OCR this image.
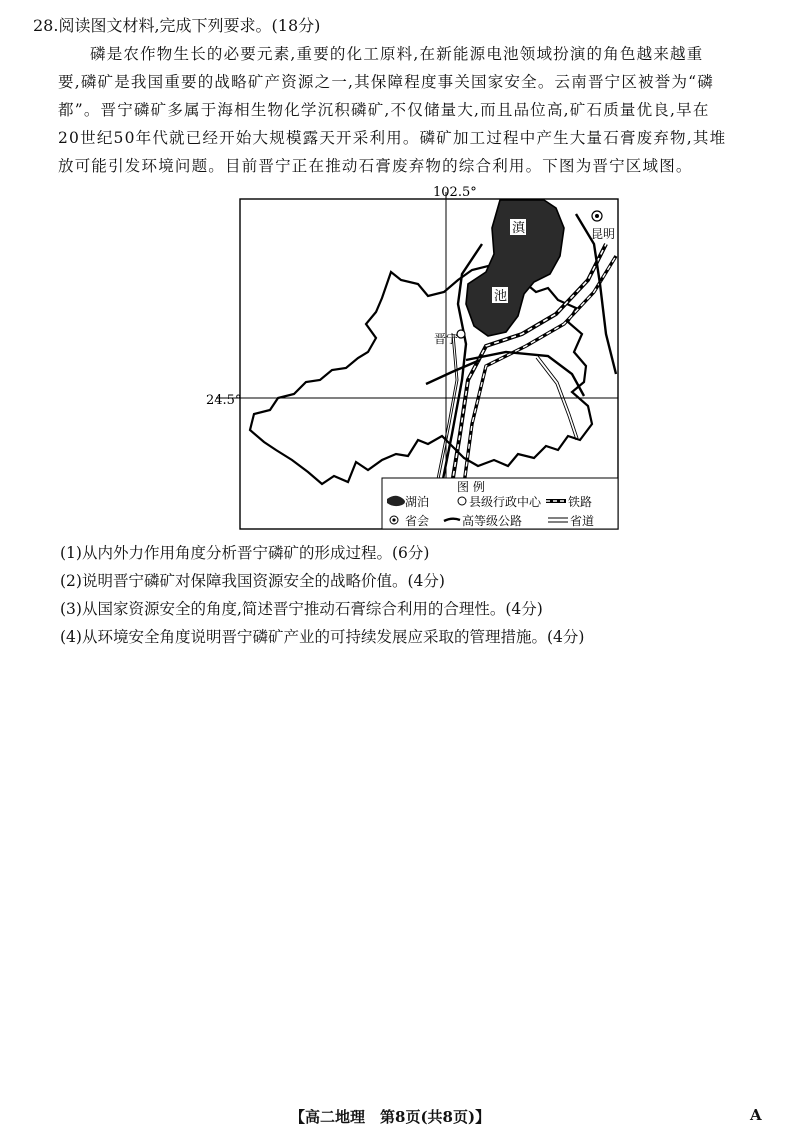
28.阅读图文材料,完成下列要求。(18分)

磷是农作物生长的必要元素,重要的化工原料,在新能源电池领域扮演的角色越来越重

要,磷矿是我国重要的战略矿产资源之一,其保障程度事关国家安全。云南晋宁区被誉为“磷

都”。晋宁磷矿多属于海相生物化学沉积磷矿,不仅储量大,而且品位高,矿石质量优良,早在

20世纪50年代就已经开始大规模露天开采利用。磷矿加工过程中产生大量石膏废弃物,其堆

放可能引发环境问题。目前晋宁正在推动石膏废弃物的综合利用。下图为晋宁区域图。

102.5°
24.5°
滇
池
昆明
晋宁
图 例
湖泊	县级行政中心 铁路
省会	高等级公路	省道
(1)从内外力作用角度分析晋宁磷矿的形成过程。(6分)
(2)说明晋宁磷矿对保障我国资源安全的战略价值。(4分)
(3)从国家资源安全的角度,简述晋宁推动石膏综合利用的合理性。(4分)
(4)从环境安全角度说明晋宁磷矿产业的可持续发展应采取的管理措施。(4分)
【高二地理　第8页(共8页)】	A
